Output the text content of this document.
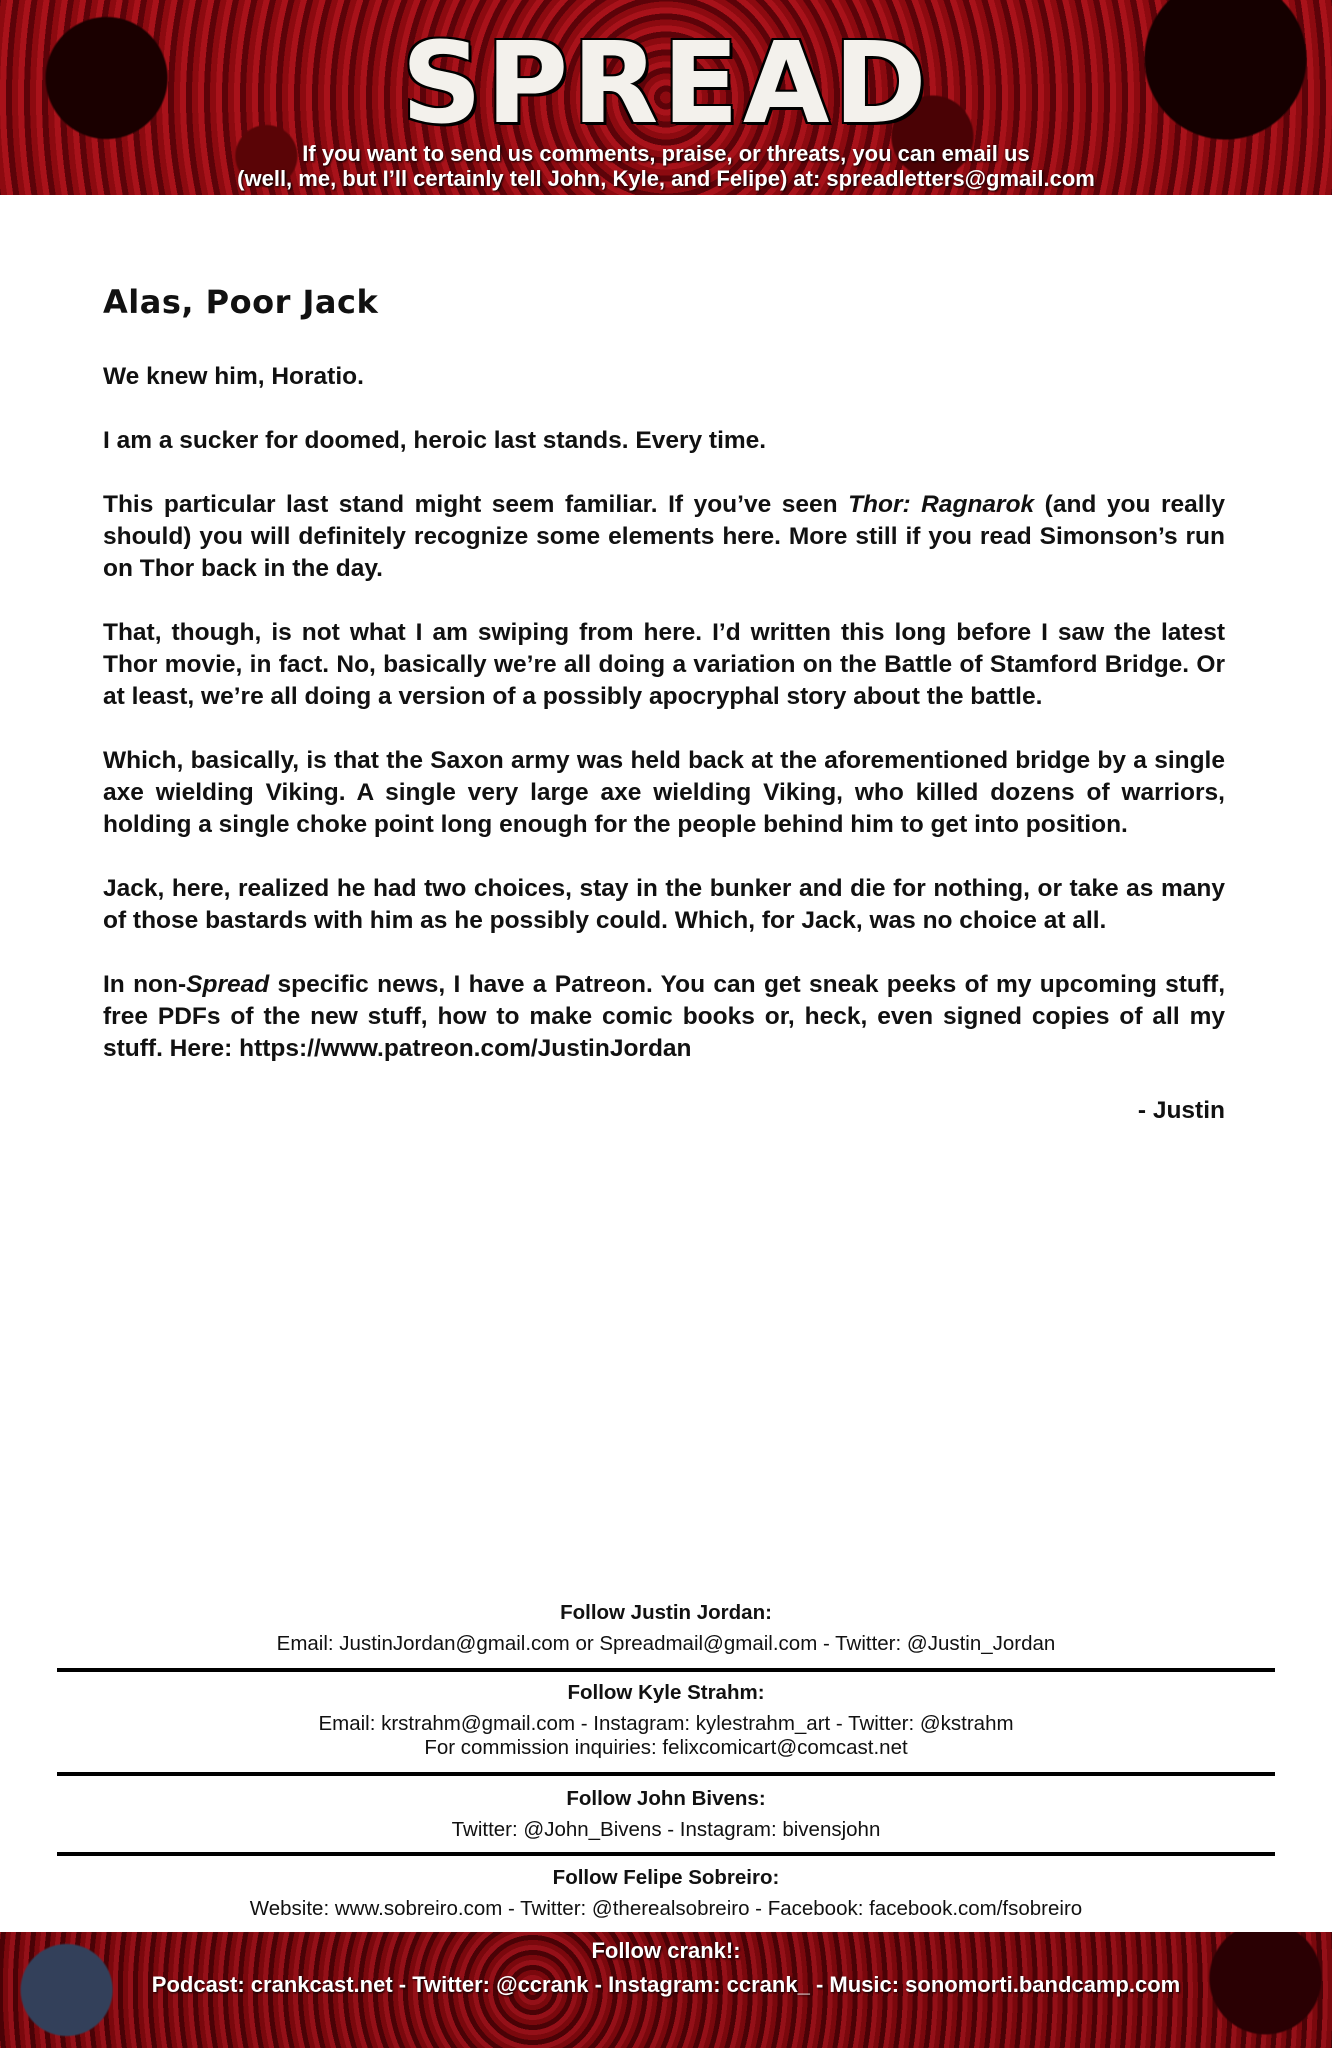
SPREAD
If you want to send us comments, praise, or threats, you can email us
(well, me, but I’ll certainly tell John, Kyle, and Felipe) at: spreadletters@gmail.com
Alas, Poor Jack

We knew him, Horatio.

I am a sucker for doomed, heroic last stands. Every time.

This particular last stand might seem familiar. If you’ve seen Thor: Ragnarok (and you really should) you will definitely recognize some elements here. More still if you read Simonson’s run on Thor back in the day.

That, though, is not what I am swiping from here. I’d written this long before I saw the latest Thor movie, in fact. No, basically we’re all doing a variation on the Battle of Stamford Bridge. Or at least, we’re all doing a version of a possibly apocryphal story about the battle.

Which, basically, is that the Saxon army was held back at the aforementioned bridge by a single axe wielding Viking. A single very large axe wielding Viking, who killed dozens of warriors, holding a single choke point long enough for the people behind him to get into position.

Jack, here, realized he had two choices, stay in the bunker and die for nothing, or take as many of those bastards with him as he possibly could. Which, for Jack, was no choice at all.

In non-Spread specific news, I have a Patreon. You can get sneak peeks of my upcoming stuff, free PDFs of the new stuff, how to make comic books or, heck, even signed copies of all my stuff. Here: https://www.patreon.com/JustinJordan

- Justin
Follow Justin Jordan:
Email: JustinJordan@gmail.com or Spreadmail@gmail.com - Twitter: @Justin_Jordan
Follow Kyle Strahm:
Email: krstrahm@gmail.com - Instagram: kylestrahm_art - Twitter: @kstrahm
For commission inquiries: felixcomicart@comcast.net
Follow John Bivens:
Twitter: @John_Bivens - Instagram: bivensjohn
Follow Felipe Sobreiro:
Website: www.sobreiro.com - Twitter: @therealsobreiro - Facebook: facebook.com/fsobreiro
Follow crank!:
Podcast: crankcast.net - Twitter: @ccrank - Instagram: ccrank_ - Music: sonomorti.bandcamp.com
